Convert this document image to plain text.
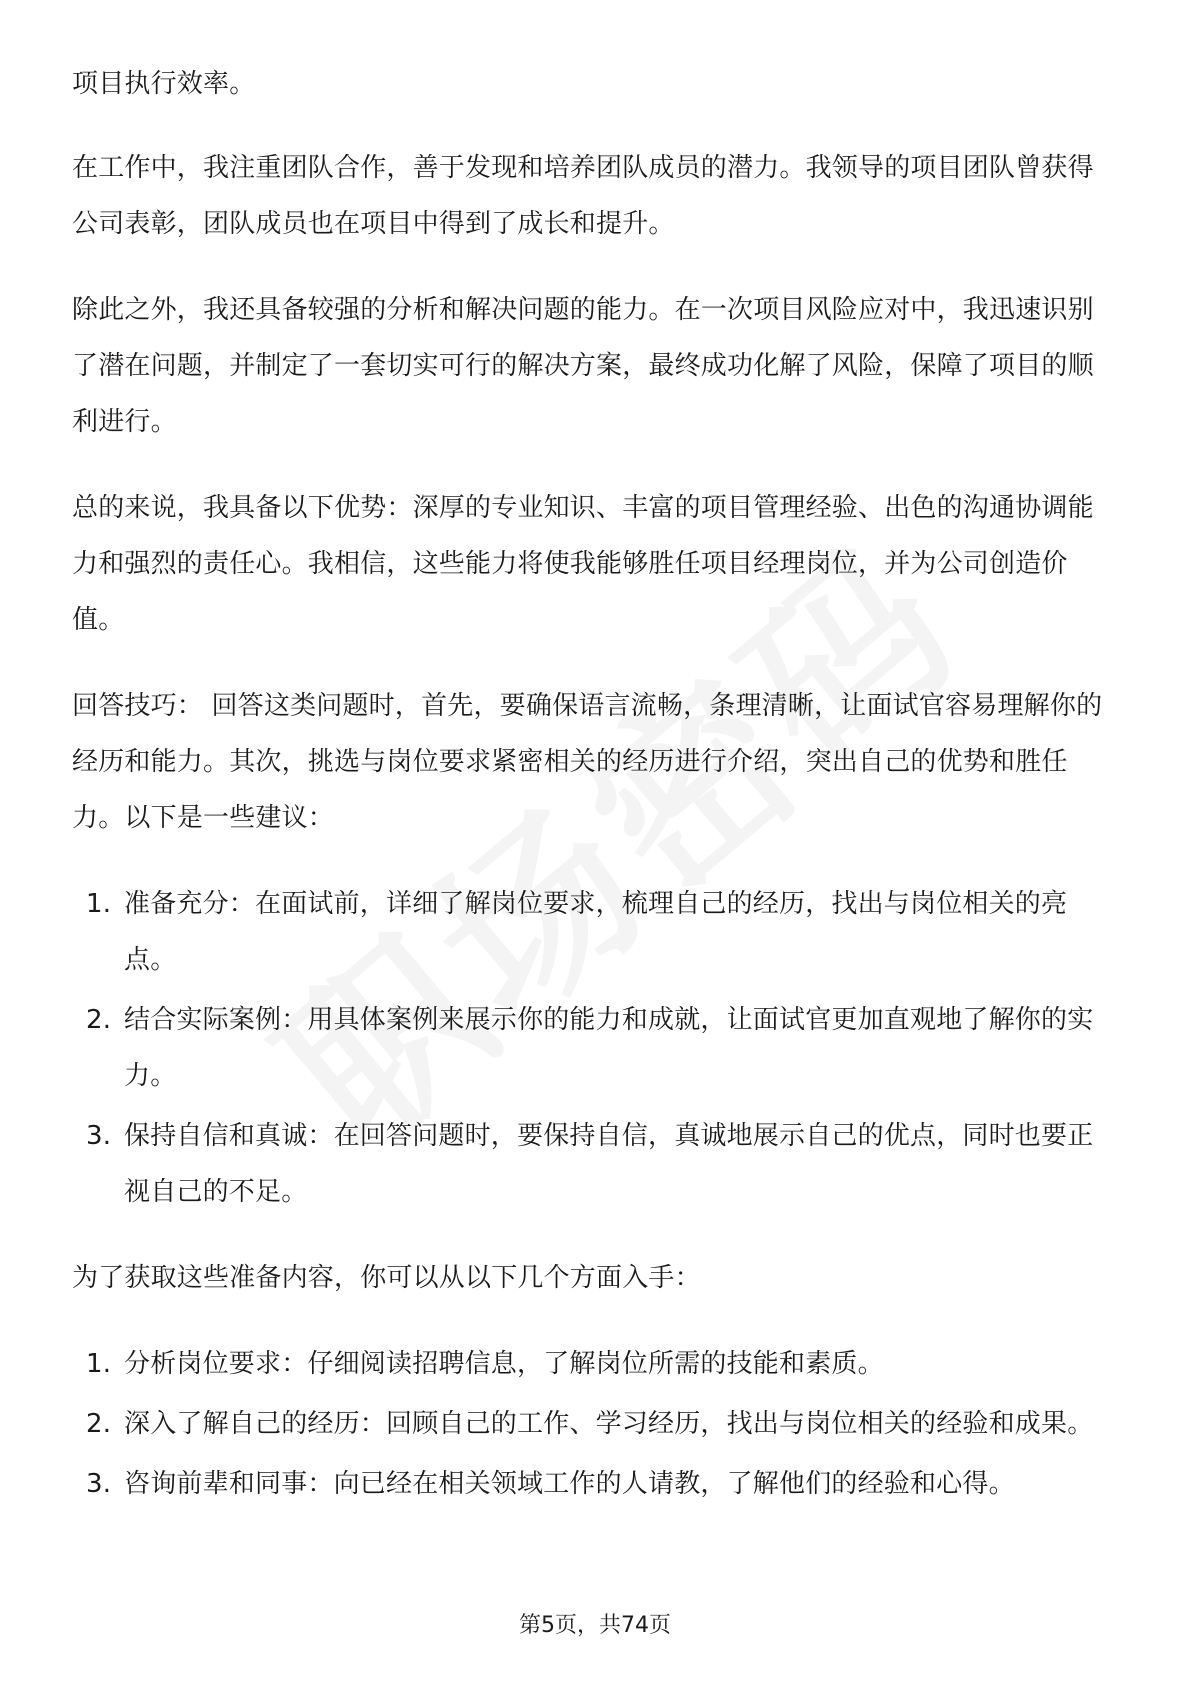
项目执行效率。

在工作中，我注重团队合作，善于发现和培养团队成员的潜力。我领导的项目团队曾获得公司表彰，团队成员也在项目中得到了成长和提升。

除此之外，我还具备较强的分析和解决问题的能力。在一次项目风险应对中，我迅速识别了潜在问题，并制定了一套切实可行的解决方案，最终成功化解了风险，保障了项目的顺利进行。

总的来说，我具备以下优势：深厚的专业知识、丰富的项目管理经验、出色的沟通协调能力和强烈的责任心。我相信，这些能力将使我能够胜任项目经理岗位，并为公司创造价值。

回答技巧： 回答这类问题时，首先，要确保语言流畅，条理清晰，让面试官容易理解你的经历和能力。其次，挑选与岗位要求紧密相关的经历进行介绍，突出自己的优势和胜任力。以下是一些建议：

1. 准备充分：在面试前，详细了解岗位要求，梳理自己的经历，找出与岗位相关的亮点。
2. 结合实际案例：用具体案例来展示你的能力和成就，让面试官更加直观地了解你的实力。
3. 保持自信和真诚：在回答问题时，要保持自信，真诚地展示自己的优点，同时也要正视自己的不足。

为了获取这些准备内容，你可以从以下几个方面入手：

1. 分析岗位要求：仔细阅读招聘信息，了解岗位所需的技能和素质。
2. 深入了解自己的经历：回顾自己的工作、学习经历，找出与岗位相关的经验和成果。
3. 咨询前辈和同事：向已经在相关领域工作的人请教，了解他们的经验和心得。
第5页，共74页
